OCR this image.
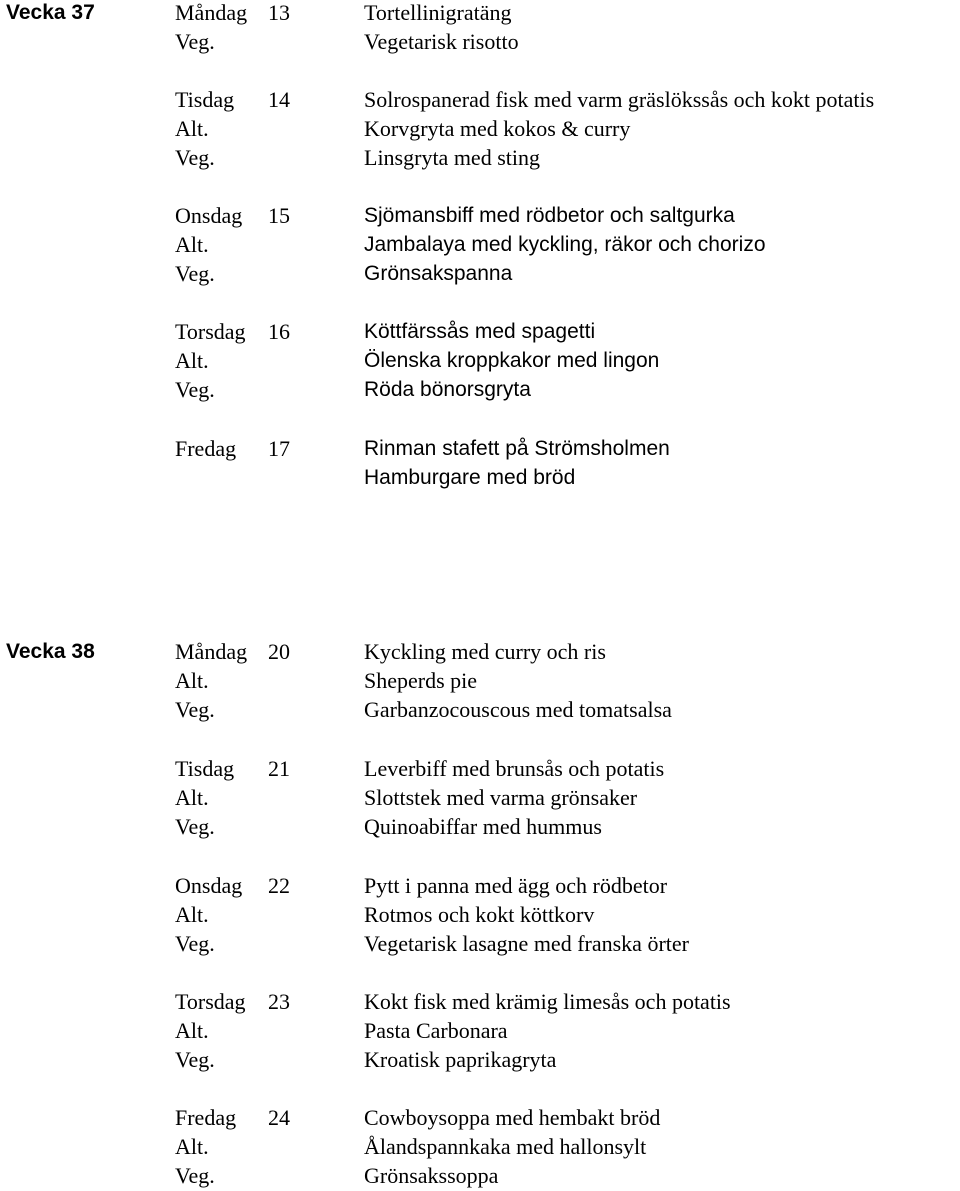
Vecka 37	Måndag 13	Tortellinigratäng
Veg.	Vegetarisk risotto
Tisdag 14	Solrospanerad fisk med varm gräslökssås och kokt potatis
Alt.	Korvgryta med kokos & curry
Veg.	Linsgryta med sting
Onsdag 15	Sjömansbiff med rödbetor och saltgurka
Alt.	Jambalaya med kyckling, räkor och chorizo
Veg.	Grönsakspanna
Torsdag 16	Köttfärssås med spagetti
Alt.	Ölenska kroppkakor med lingon
Veg.	Röda bönorsgryta
Fredag 17	Rinman stafett på Strömsholmen
Hamburgare med bröd
Vecka 38	Måndag 20	Kyckling med curry och ris
Alt.	Sheperds pie
Veg.	Garbanzocouscous med tomatsalsa
Tisdag 21	Leverbiff med brunsås och potatis
Alt.	Slottstek med varma grönsaker
Veg.	Quinoabiffar med hummus
Onsdag 22	Pytt i panna med ägg och rödbetor
Alt.	Rotmos och kokt köttkorv
Veg.	Vegetarisk lasagne med franska örter
Torsdag 23	Kokt fisk med krämig limesås och potatis
Alt.	Pasta Carbonara
Veg.	Kroatisk paprikagryta
Fredag 24	Cowboysoppa med hembakt bröd
Alt.	Ålandspannkaka med hallonsylt
Veg.	Grönsakssoppa
